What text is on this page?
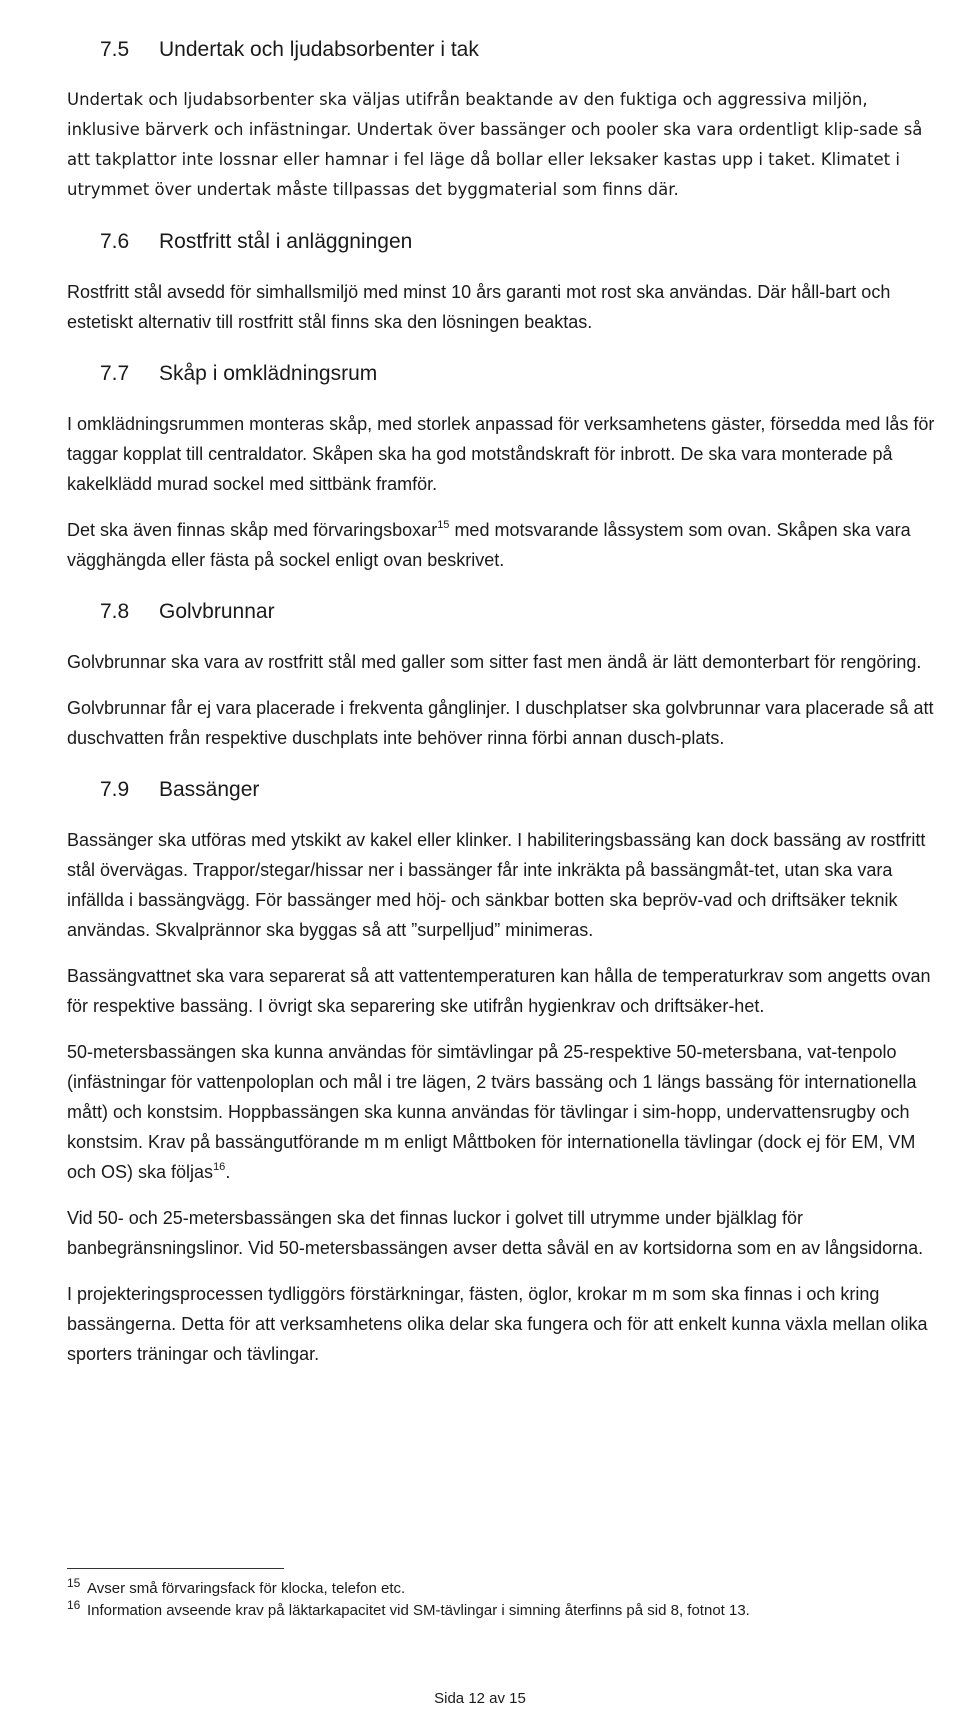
7.5 Undertak och ljudabsorbenter i tak

Undertak och ljudabsorbenter ska väljas utifrån beaktande av den fuktiga och aggressiva miljön, inklusive bärverk och infästningar. Undertak över bassänger och pooler ska vara ordentligt klip-sade så att takplattor inte lossnar eller hamnar i fel läge då bollar eller leksaker kastas upp i taket. Klimatet i utrymmet över undertak måste tillpassas det byggmaterial som finns där.

7.6 Rostfritt stål i anläggningen

Rostfritt stål avsedd för simhallsmiljö med minst 10 års garanti mot rost ska användas. Där håll-bart och estetiskt alternativ till rostfritt stål finns ska den lösningen beaktas.

7.7 Skåp i omklädningsrum

I omklädningsrummen monteras skåp, med storlek anpassad för verksamhetens gäster, försedda med lås för taggar kopplat till centraldator. Skåpen ska ha god motståndskraft för inbrott. De ska vara monterade på kakelklädd murad sockel med sittbänk framför.

Det ska även finnas skåp med förvaringsboxar$^{15}$ med motsvarande låssystem som ovan. Skåpen ska vara vägghängda eller fästa på sockel enligt ovan beskrivet.

7.8 Golvbrunnar

Golvbrunnar ska vara av rostfritt stål med galler som sitter fast men ändå är lätt demonterbart för rengöring.

Golvbrunnar får ej vara placerade i frekventa gånglinjer. I duschplatser ska golvbrunnar vara placerade så att duschvatten från respektive duschplats inte behöver rinna förbi annan dusch-plats.

7.9 Bassänger

Bassänger ska utföras med ytskikt av kakel eller klinker. I habiliteringsbassäng kan dock bassäng av rostfritt stål övervägas. Trappor/stegar/hissar ner i bassänger får inte inkräkta på bassängmåt-tet, utan ska vara infällda i bassängvägg. För bassänger med höj- och sänkbar botten ska bepröv-vad och driftsäker teknik användas. Skvalprännor ska byggas så att ”surpelljud” minimeras.

Bassängvattnet ska vara separerat så att vattentemperaturen kan hålla de temperaturkrav som angetts ovan för respektive bassäng. I övrigt ska separering ske utifrån hygienkrav och driftsäker-het.

50-metersbassängen ska kunna användas för simtävlingar på 25-respektive 50-metersbana, vat-tenpolo (infästningar för vattenpoloplan och mål i tre lägen, 2 tvärs bassäng och 1 längs bassäng för internationella mått) och konstsim. Hoppbassängen ska kunna användas för tävlingar i sim-hopp, undervattensrugby och konstsim. Krav på bassängutförande m m enligt Måttboken för internationella tävlingar (dock ej för EM, VM och OS) ska följas$^{16}$.

Vid 50- och 25-metersbassängen ska det finnas luckor i golvet till utrymme under bjälklag för banbegränsningslinor. Vid 50-metersbassängen avser detta såväl en av kortsidorna som en av långsidorna.

I projekteringsprocessen tydliggörs förstärkningar, fästen, öglor, krokar m m som ska finnas i och kring bassängerna. Detta för att verksamhetens olika delar ska fungera och för att enkelt kunna växla mellan olika sporters träningar och tävlingar.

15 Avser små förvaringsfack för klocka, telefon etc.
16 Information avseende krav på läktarkapacitet vid SM-tävlingar i simning återfinns på sid 8, fotnot 13.
Sida 12 av 15
